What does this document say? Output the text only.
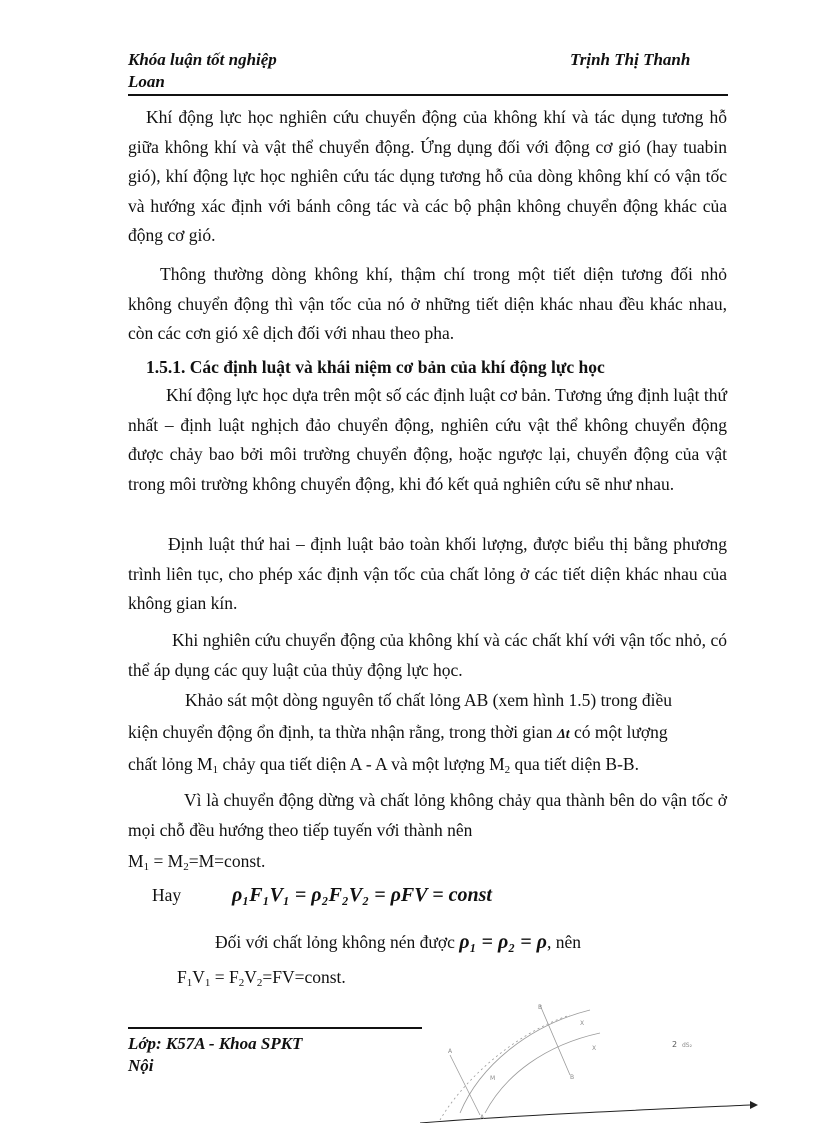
Khóa luận tốt nghiệp	Trịnh Thị Thanh
Loan
Khí động lực học nghiên cứu chuyển động của không khí và tác dụng tương hỗ giữa không khí và vật thể chuyển động. Ứng dụng đối với động cơ gió (hay tuabin gió), khí động lực học nghiên cứu tác dụng tương hỗ của dòng không khí có vận tốc và hướng xác định với bánh công tác và các bộ phận không chuyển động khác của động cơ gió.
Thông thường dòng không khí, thậm chí trong một tiết diện tương đối nhỏ không chuyển động thì vận tốc của nó ở những tiết diện khác nhau đều khác nhau, còn các cơn gió xê dịch đối với nhau theo pha.
1.5.1. Các định luật và khái niệm cơ bản của khí động lực học
Khí động lực học dựa trên một số các định luật cơ bản. Tương ứng định luật thứ nhất – định luật nghịch đảo chuyển động, nghiên cứu vật thể không chuyển động được chảy bao bởi môi trường chuyển động, hoặc ngược lại, chuyển động của vật trong môi trường không chuyển động, khi đó kết quả nghiên cứu sẽ như nhau.
Định luật thứ hai – định luật bảo toàn khối lượng, được biểu thị bằng phương trình liên tục, cho phép xác định vận tốc của chất lỏng ở các tiết diện khác nhau của không gian kín.
Khi nghiên cứu chuyển động của không khí và các chất khí với vận tốc nhỏ, có thể áp dụng các quy luật của thủy động lực học.
Khảo sát một dòng nguyên tố chất lỏng AB (xem hình 1.5) trong điều
kiện chuyển động ổn định, ta thừa nhận rằng, trong thời gian Δt có một lượng
chất lỏng $M_1$ chảy qua tiết diện A - A và một lượng $M_2$ qua tiết diện B-B.
Vì là chuyển động dừng và chất lỏng không chảy qua thành bên do vận tốc ở mọi chỗ đều hướng theo tiếp tuyến với thành nên
$M_1$ = $M_2=M=const$.
Hay	ρ₁F₁V₁ = ρ₂F₂V₂ = ρFV = const
Đối với chất lỏng không nén được ρ₁ = ρ₂ = ρ, nên
$F_1V_1$ = $F_2V_2=FV=const$.
Lớp: K57A - Khoa SPKT
Nội
B
A
A
B
X
X
M
dS₂
2
